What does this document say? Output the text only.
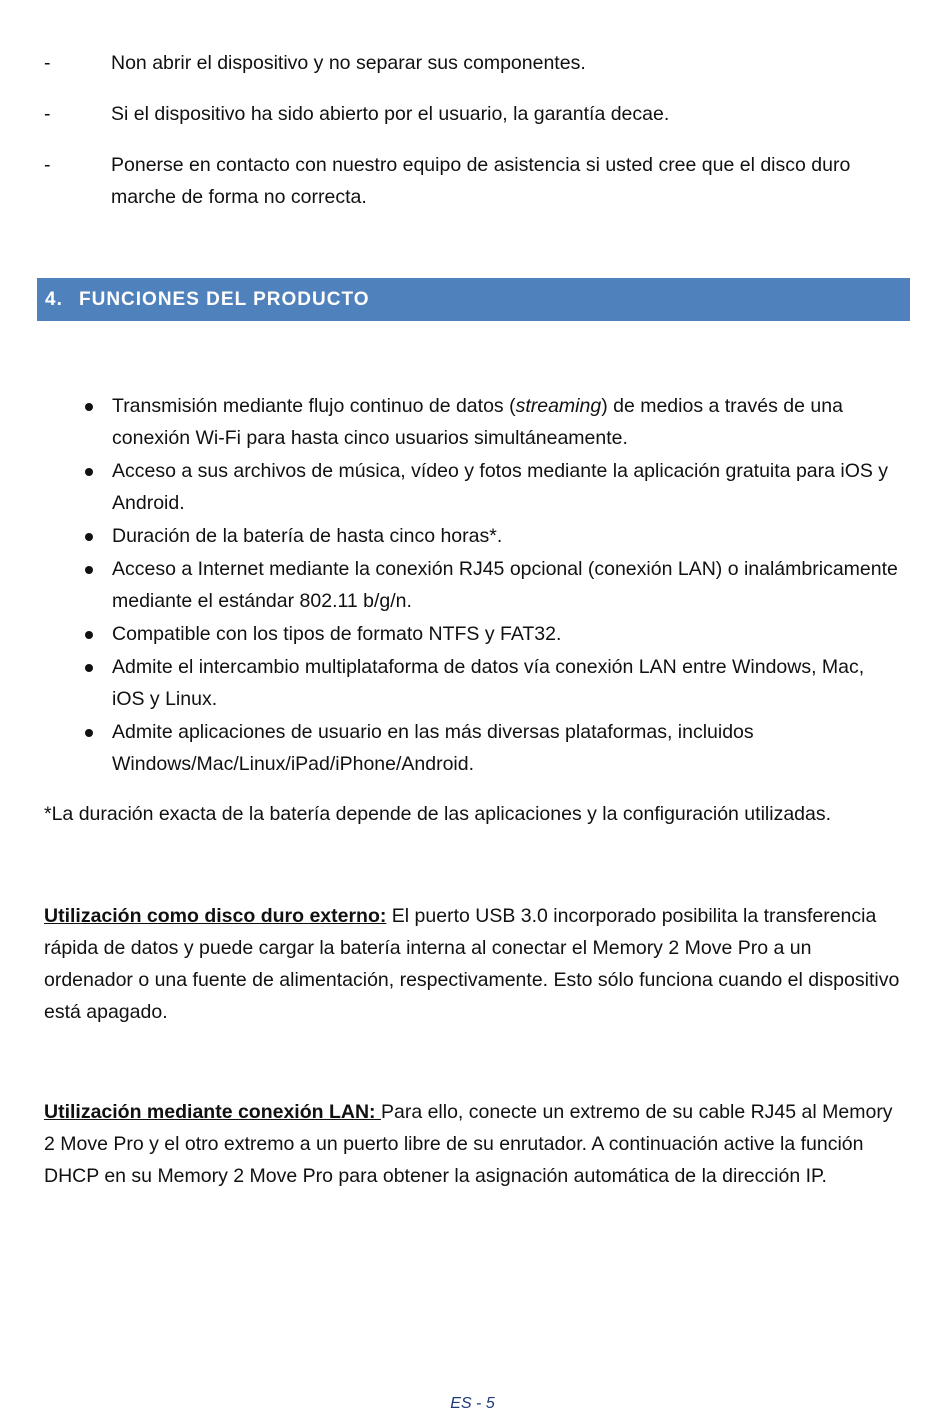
-	Non abrir el dispositivo y no separar sus componentes.
-	Si el dispositivo ha sido abierto por el usuario, la garantía decae.
-	Ponerse en contacto con nuestro equipo de asistencia si usted cree que el disco duro marche de forma no correcta.
4. FUNCIONES DEL PRODUCTO
Transmisión mediante flujo continuo de datos (streaming) de medios a través de una conexión Wi-Fi para hasta cinco usuarios simultáneamente.
Acceso a sus archivos de música, vídeo y fotos mediante la aplicación gratuita para iOS y Android.
Duración de la batería de hasta cinco horas*.
Acceso a Internet mediante la conexión RJ45 opcional (conexión LAN) o inalámbricamente mediante el estándar 802.11 b/g/n.
Compatible con los tipos de formato NTFS y FAT32.
Admite el intercambio multiplataforma de datos vía conexión LAN entre Windows, Mac, iOS y Linux.
Admite aplicaciones de usuario en las más diversas plataformas, incluidos Windows/Mac/Linux/iPad/iPhone/Android.
*La duración exacta de la batería depende de las aplicaciones y la configuración utilizadas.
Utilización como disco duro externo: El puerto USB 3.0 incorporado posibilita la transferencia rápida de datos y puede cargar la batería interna al conectar el Memory 2 Move Pro a un ordenador o una fuente de alimentación, respectivamente. Esto sólo funciona cuando el dispositivo está apagado.
Utilización mediante conexión LAN: Para ello, conecte un extremo de su cable RJ45 al Memory 2 Move Pro y el otro extremo a un puerto libre de su enrutador. A continuación active la función DHCP en su Memory 2 Move Pro para obtener la asignación automática de la dirección IP.
ES - 5
